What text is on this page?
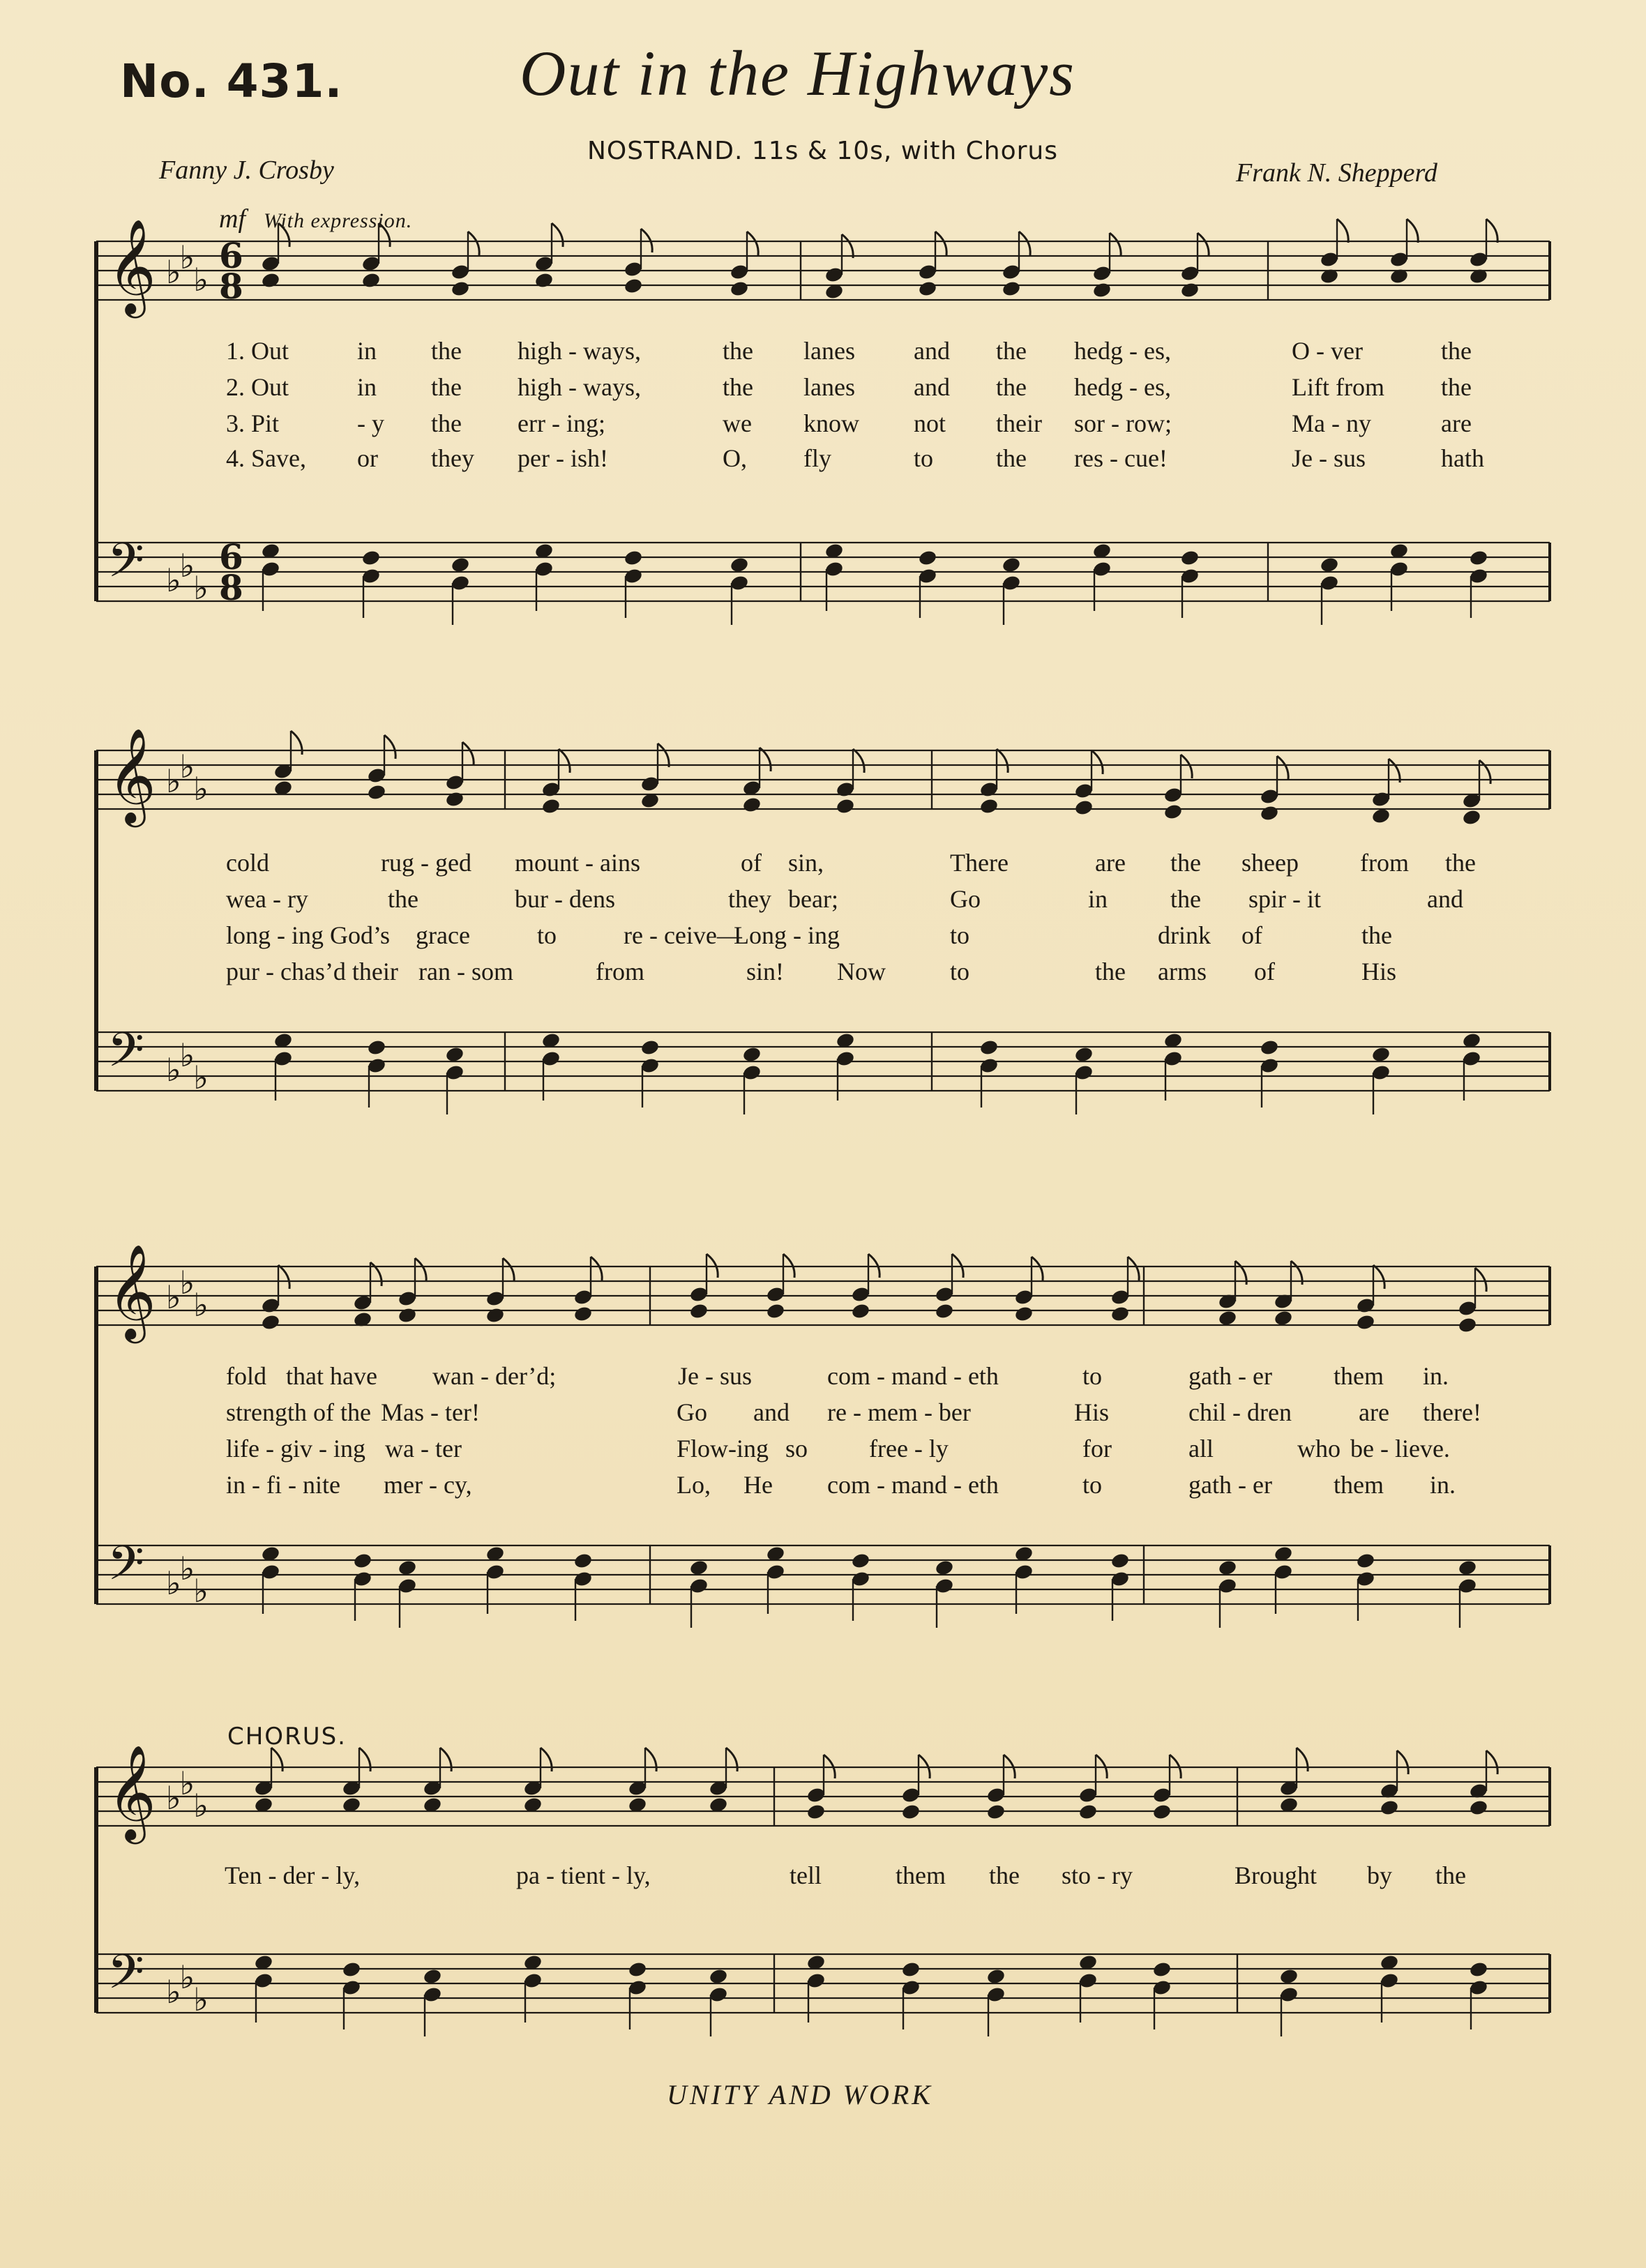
No. 431.	Out in the Highways
Fanny J. Crosby
NOSTRAND. 11s & 10s, with Chorus
Frank N. Shepperd
mf With expression.
CHORUS.
UNITY AND WORK
𝄞 ♭
♭
♭
6
8
𝄢 ♭
♭
♭
6
8
𝄞 ♭
♭
♭
𝄢 ♭
♭
♭
𝄞 ♭
♭
♭
𝄢 ♭
♭
♭
𝄞 ♭
♭
♭
𝄢 ♭
♭
♭
1. Out	in the high - ways,	the lanes and the hedg - es,	O - ver	the
2. Out	in the high - ways,	the lanes and the hedg - es,	Lift from the
3. Pit	- y the err - ing;	we know not their sor - row;	Ma - ny	are
4. Save, or they per - ish!	O, fly	to the res - cue!	Je - sus	hath
cold	rug - ged mount - ains	of sin,	There	are the sheep from the
wea - ry	the	bur - dens	they bear;	Go	in the spir - it	and
long - ing God’s grace	to	re - ceive—
Long - ing	to	drink of	the
pur - chas’d their ran - som	from	sin! Now	to	the arms of	His
fold that have wan - der’d;	Je - sus	com - mand - eth	to	gath - er them in.
strength of the Mas - ter!	Go and re - mem - ber	His	chil - dren	are there!
life - giv - ing wa - ter	Flow-ing so free - ly	for	all	who be - lieve.
in - fi - nite mer - cy,	Lo, He com - mand - eth	to	gath - er them in.
Ten - der - ly,	pa - tient - ly,	tell	them the sto - ry	Brought by the
